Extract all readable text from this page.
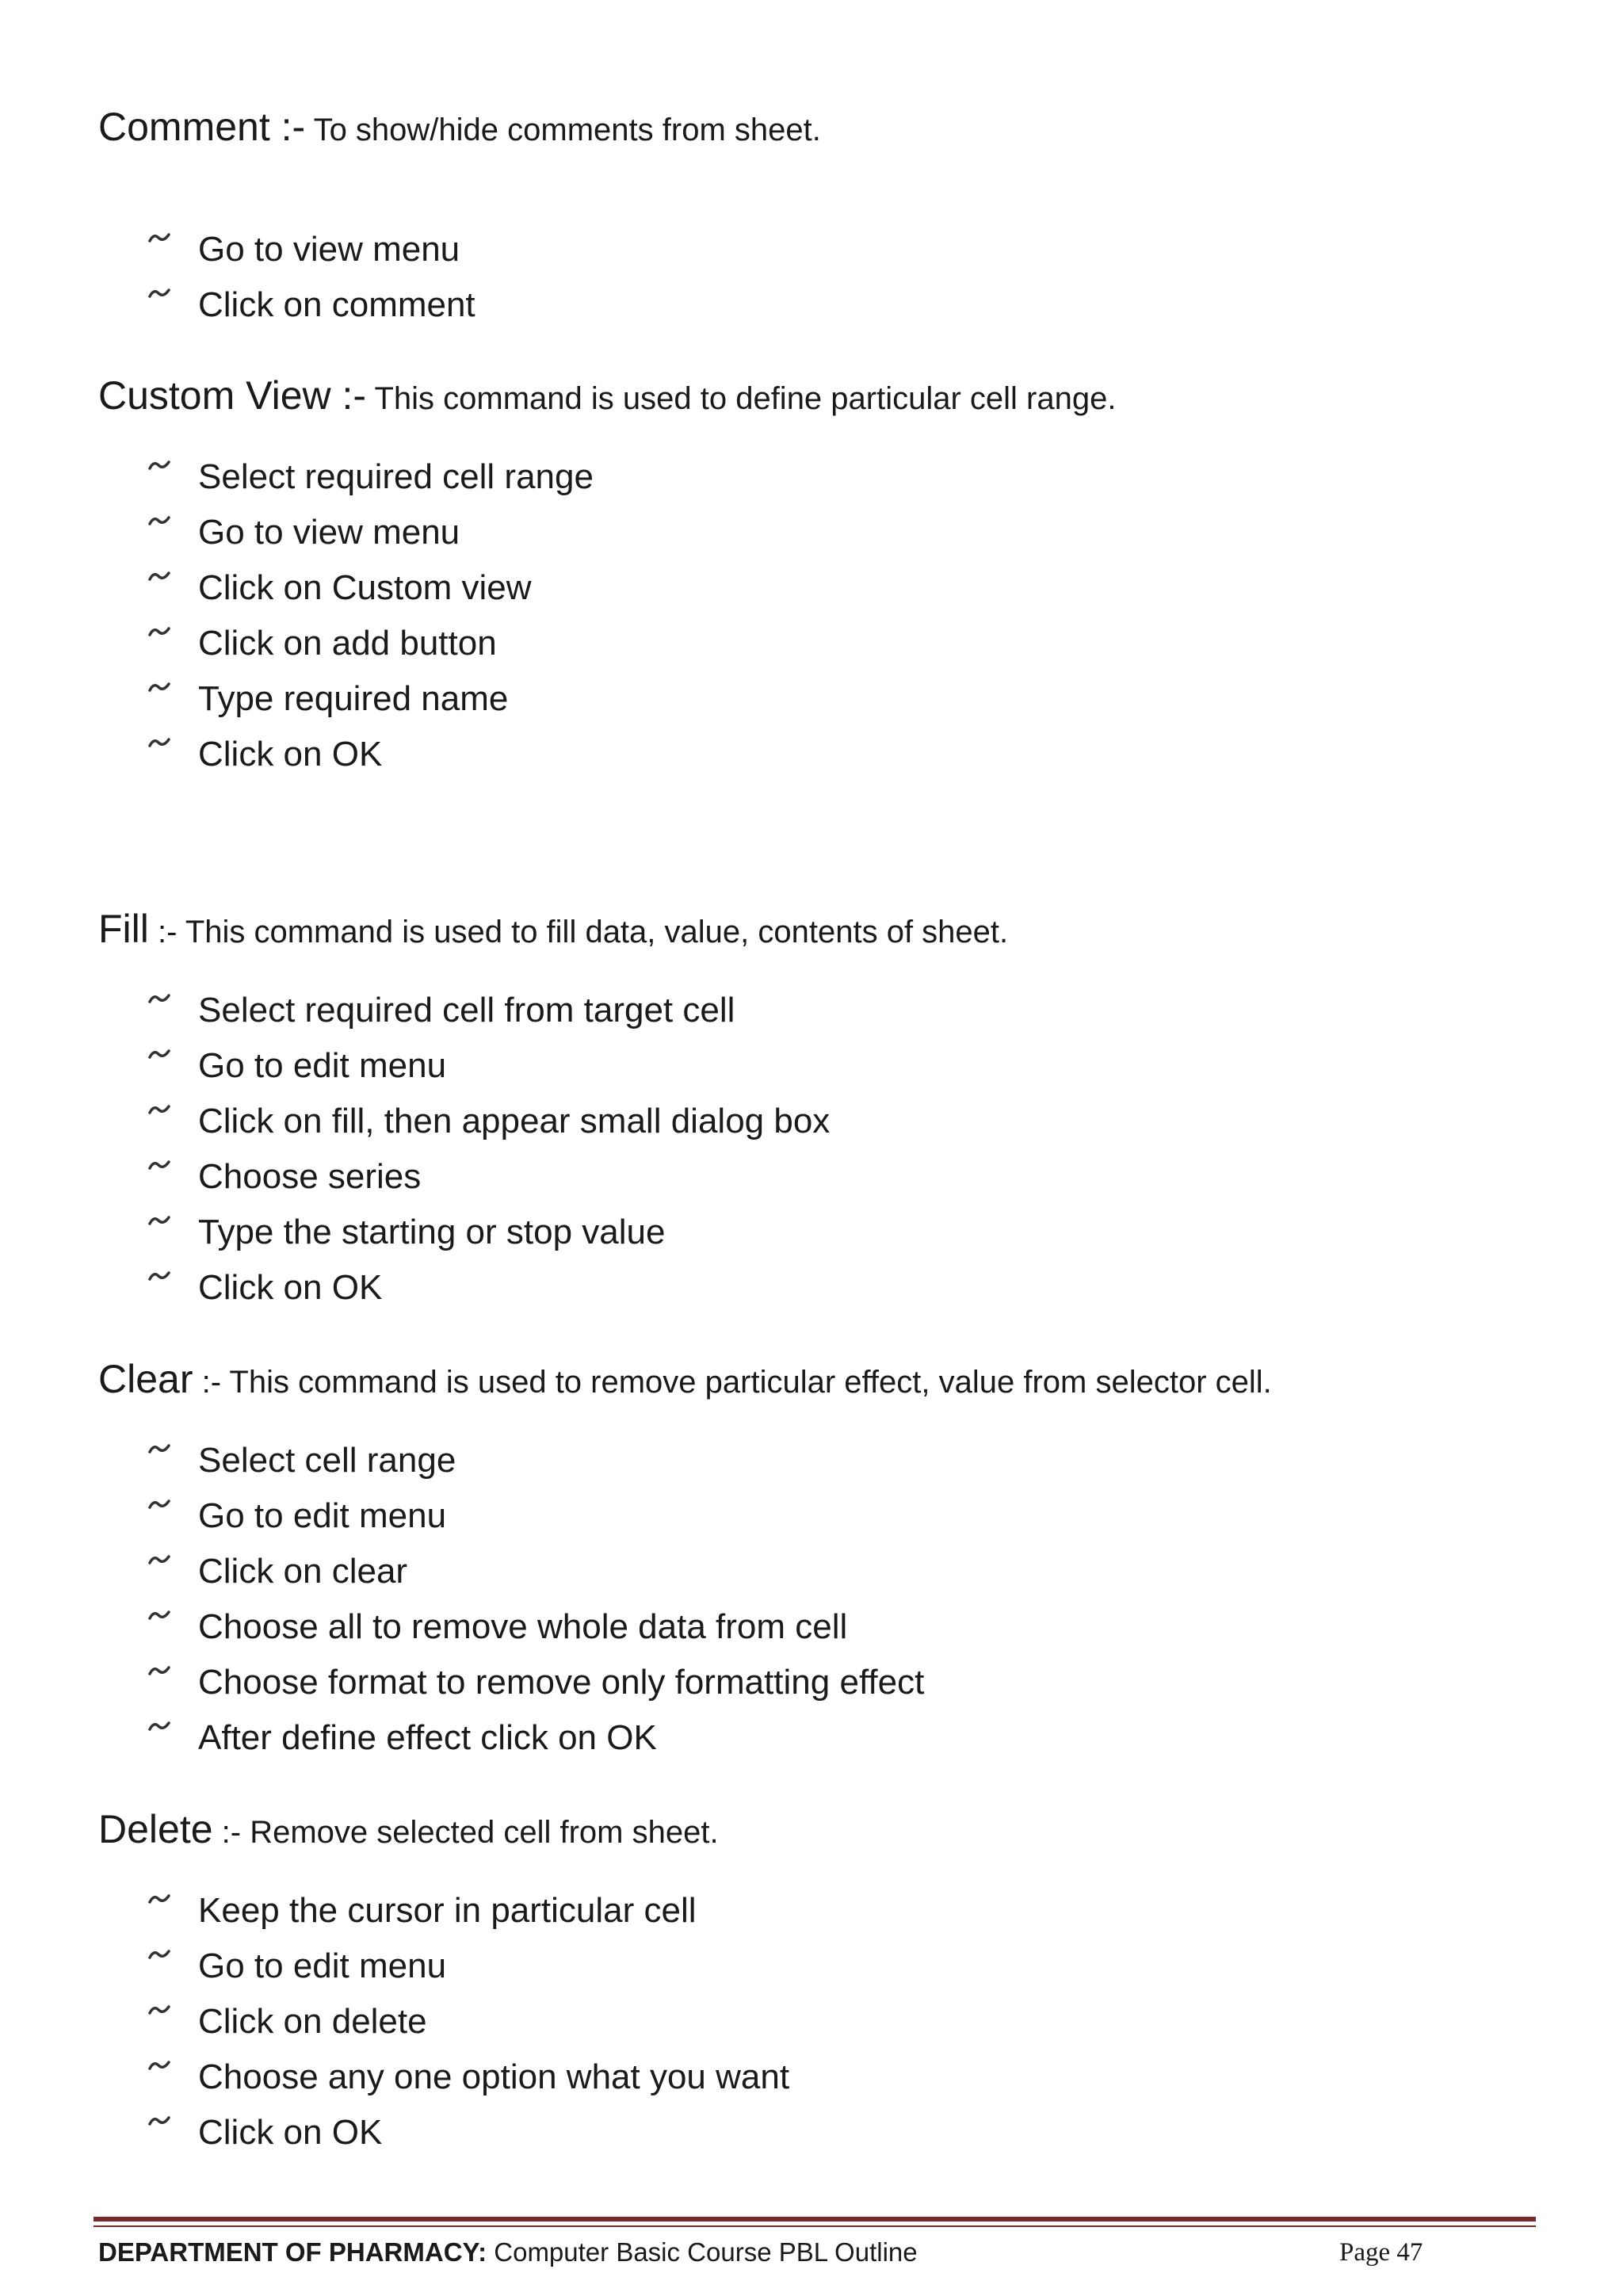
Comment :- To show/hide comments from sheet.

Go to view menu
Click on comment

Custom View :- This command is used to define particular cell range.

Select required cell range
Go to view menu
Click on Custom view
Click on add button
Type required name
Click on OK

Fill :- This command is used to fill data, value, contents of sheet.

Select required cell from target cell
Go to edit menu
Click on fill, then appear small dialog box
Choose series
Type the starting or stop value
Click on OK

Clear :- This command is used to remove particular effect, value from selector cell.

Select cell range
Go to edit menu
Click on clear
Choose all to remove whole data from cell
Choose format to remove only formatting effect
After define effect click on OK

Delete :- Remove selected cell from sheet.

Keep the cursor in particular cell
Go to edit menu
Click on delete
Choose any one option what you want
Click on OK
DEPARTMENT OF PHARMACY: Computer Basic Course PBL Outline	Page 47
